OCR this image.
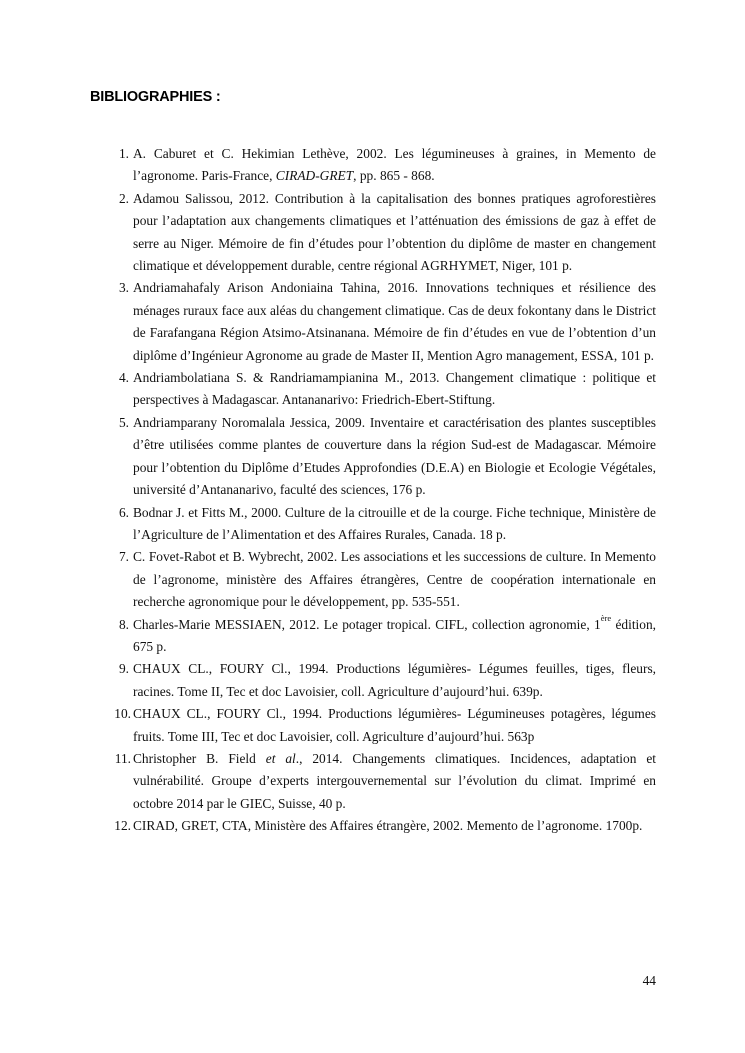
BIBLIOGRAPHIES :
1. A. Caburet et C. Hekimian Lethève, 2002. Les légumineuses à graines, in Memento de l’agronome. Paris-France, CIRAD-GRET, pp. 865 - 868.
2. Adamou Salissou, 2012. Contribution à la capitalisation des bonnes pratiques agroforestières pour l’adaptation aux changements climatiques et l’atténuation des émissions de gaz à effet de serre au Niger. Mémoire de fin d’études pour l’obtention du diplôme de master en changement climatique et développement durable, centre régional AGRHYMET, Niger, 101 p.
3. Andriamahafaly Arison Andoniaina Tahina, 2016. Innovations techniques et résilience des ménages ruraux face aux aléas du changement climatique. Cas de deux fokontany dans le District de Farafangana Région Atsimo-Atsinanana. Mémoire de fin d’études en vue de l’obtention d’un diplôme d’Ingénieur Agronome au grade de Master II, Mention Agro management, ESSA, 101 p.
4. Andriambolatiana S. & Randriamampianina M., 2013. Changement climatique : politique et perspectives à Madagascar. Antananarivo: Friedrich-Ebert-Stiftung.
5. Andriamparany Noromalala Jessica, 2009. Inventaire et caractérisation des plantes susceptibles d’être utilisées comme plantes de couverture dans la région Sud-est de Madagascar. Mémoire pour l’obtention du Diplôme d’Etudes Approfondies (D.E.A) en Biologie et Ecologie Végétales, université d’Antananarivo, faculté des sciences, 176 p.
6. Bodnar J. et Fitts M., 2000. Culture de la citrouille et de la courge. Fiche technique, Ministère de l’Agriculture de l’Alimentation et des Affaires Rurales, Canada. 18 p.
7. C. Fovet-Rabot et B. Wybrecht, 2002. Les associations et les successions de culture. In Memento de l’agronome, ministère des Affaires étrangères, Centre de coopération internationale en recherche agronomique pour le développement, pp. 535-551.
8. Charles-Marie MESSIAEN, 2012. Le potager tropical. CIFL, collection agronomie, 1ère édition, 675 p.
9. CHAUX CL., FOURY Cl., 1994. Productions légumières- Légumes feuilles, tiges, fleurs, racines. Tome II, Tec et doc Lavoisier, coll. Agriculture d’aujourd’hui. 639p.
10. CHAUX CL., FOURY Cl., 1994. Productions légumières- Légumineuses potagères, légumes fruits. Tome III, Tec et doc Lavoisier, coll. Agriculture d’aujourd’hui. 563p
11. Christopher B. Field et al., 2014. Changements climatiques. Incidences, adaptation et vulnérabilité. Groupe d’experts intergouvernemental sur l’évolution du climat. Imprimé en octobre 2014 par le GIEC, Suisse, 40 p.
12. CIRAD, GRET, CTA, Ministère des Affaires étrangère, 2002. Memento de l’agronome. 1700p.
44
